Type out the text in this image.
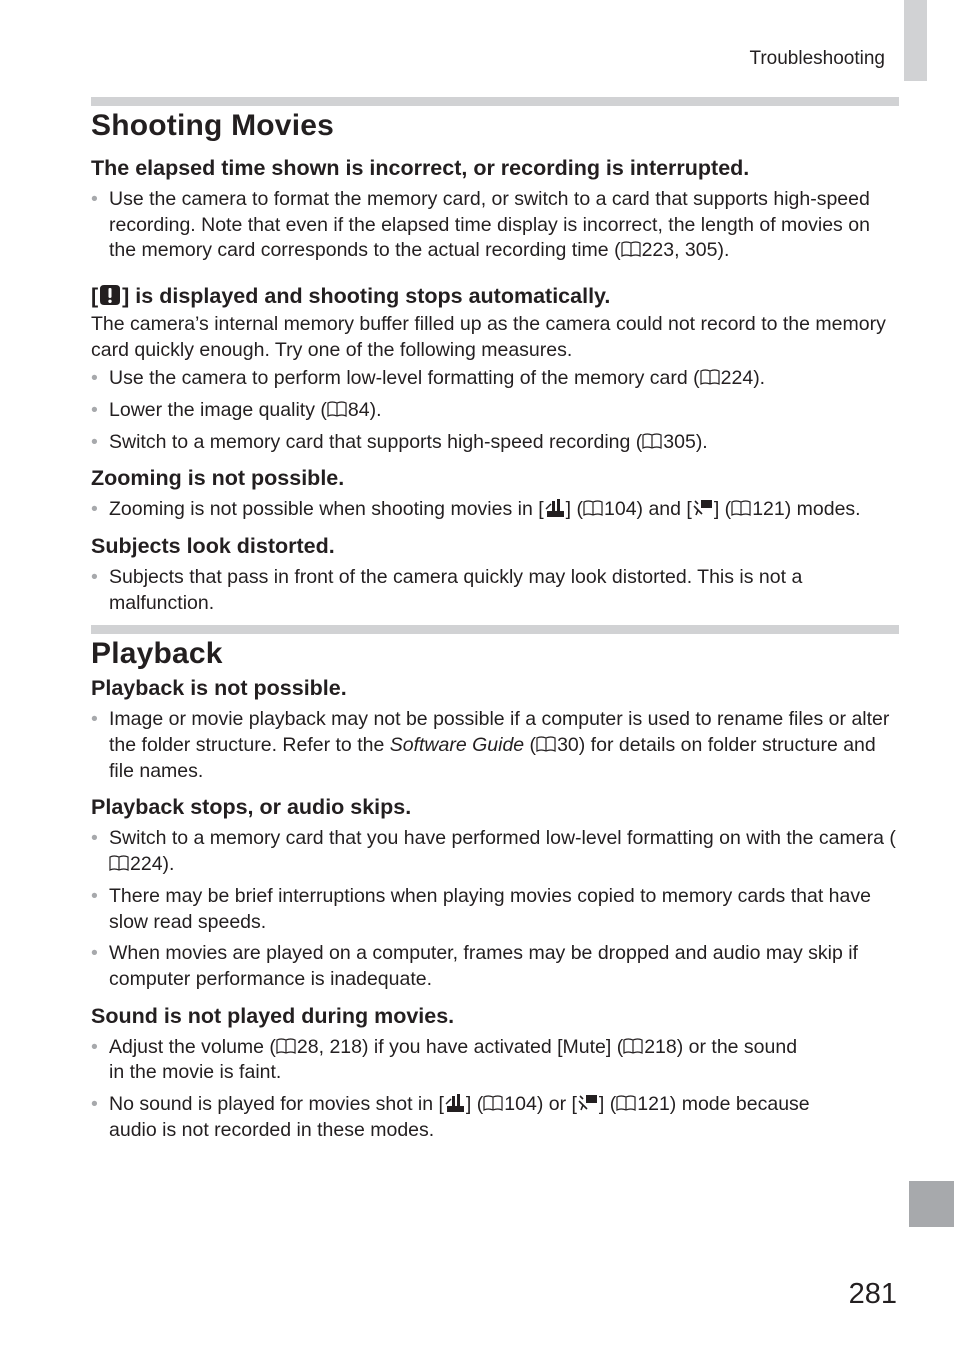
Troubleshooting
Shooting Movies

The elapsed time shown is incorrect, or recording is interrupted.

• Use the camera to format the memory card, or switch to a card that supports high-speed recording. Note that even if the elapsed time display is incorrect, the length of movies on the memory card corresponds to the actual recording time ( 223, 305).

[ ] is displayed and shooting stops automatically.

The camera’s internal memory buffer filled up as the camera could not record to the memory card quickly enough. Try one of the following measures.

• Use the camera to perform low-level formatting of the memory card ( 224).
• Lower the image quality ( 84).
• Switch to a memory card that supports high-speed recording ( 305).

Zooming is not possible.

• Zooming is not possible when shooting movies in [ ] ( 104) and [ ] ( 121) modes.

Subjects look distorted.

• Subjects that pass in front of the camera quickly may look distorted. This is not a malfunction.
Playback

Playback is not possible.

• Image or movie playback may not be possible if a computer is used to rename files or alter the folder structure. Refer to the Software Guide ( 30) for details on folder structure and file names.

Playback stops, or audio skips.

• Switch to a memory card that you have performed low-level formatting on with the camera (224).
• There may be brief interruptions when playing movies copied to memory cards that have slow read speeds.
• When movies are played on a computer, frames may be dropped and audio may skip if computer performance is inadequate.

Sound is not played during movies.

• Adjust the volume ( 28, 218) if you have activated [Mute] ( 218) or the sound in the movie is faint.
• No sound is played for movies shot in [ ] ( 104) or [ ] ( 121) mode because audio is not recorded in these modes.
281
